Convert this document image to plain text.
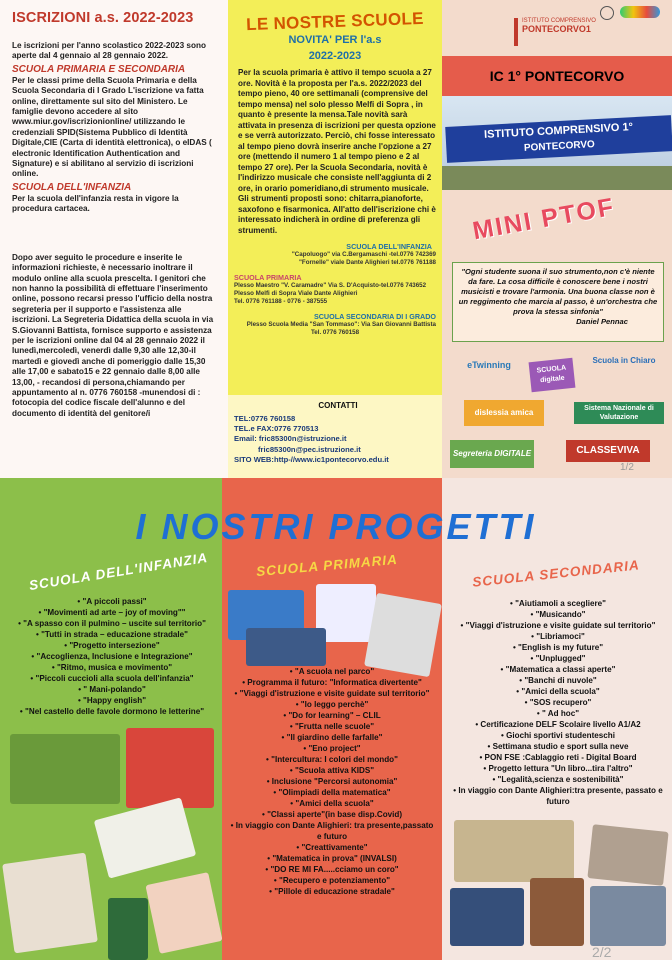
ISCRIZIONI a.s. 2022-2023

Le iscrizioni per l'anno scolastico 2022-2023 sono aperte dal 4 gennaio al 28 gennaio 2022.

SCUOLA PRIMARIA E SECONDARIA

Per le classi prime della Scuola Primaria e della Scuola Secondaria di I Grado L'iscrizione va fatta online, direttamente sul sito del Ministero. Le famiglie devono accedere al sito www.miur.gov/iscrizionionline/ utilizzando le credenziali SPID(Sistema Pubblico di Identità Digitale,CIE (Carta di identità elettronica), o eIDAS ( electronic Identification Authentication and Signature) e si abilitano al servizio di iscrizioni online.

SCUOLA DELL'INFANZIA

Per la scuola dell'infanzia resta in vigore la procedura cartacea.

Dopo aver seguito le procedure e inserite le informazioni richieste, è necessario inoltrare il modulo online alla scuola prescelta. I genitori che non hanno la possibilità di effettuare l'inserimento online, possono recarsi presso l'ufficio della nostra segreteria per il supporto e l'assistenza alle iscrizioni. La Segreteria Didattica della scuola in via S.Giovanni Battista, fornisce supporto e assistenza per le iscrizioni online dal 04 al 28 gennaio 2022 il lunedì,mercoledì, venerdì dalle 9,30 alle 12,30-il martedì e giovedì anche di pomeriggio dalle 15,30 alle 17,00 e sabato15 e 22 gennaio dalle 8,00 alle 13,00, - recandosi di persona,chiamando per appuntamento al n. 0776 760158 -munendosi di : fotocopia del codice fiscale dell'alunno e del documento di identità del genitore/i

LE NOSTRE SCUOLE
NOVITA' PER l'a.s
2022-2023

Per la scuola primaria è attivo il tempo scuola a 27 ore. Novità è la proposta per l'a.s. 2022/2023 del tempo pieno, 40 ore settimanali (comprensive del tempo mensa) nel solo plesso Melfi di Sopra , in quanto è presente la mensa.Tale novità sarà attivata in presenza di iscrizioni per questa opzione e se verrà autorizzato. Perciò, chi fosse interessato al tempo pieno dovrà inserire anche l'opzione a 27 ore (mettendo il numero 1 al tempo pieno e 2 al tempo 27 ore). Per la Scuola Secondaria, novità è l'indirizzo musicale che consiste nell'aggiunta di 2 ore, in orario pomeridiano,di strumento musicale. Gli strumenti proposti sono: chitarra,pianoforte, saxofono e fisarmonica. All'atto dell'iscrizione chi è interessato indicherà in ordine di preferenza gli strumenti.

SCUOLA DELL'INFANZIA
"Capoluogo" via C.Bergamaschi -tel.0776 742369
"Fornelle" viale Dante Alighieri tel.0776 761188
SCUOLA PRIMARIA
Plesso Maestro "V. Caramadre" Via S. D'Acquisto-tel.0776 743652
Plesso Melfi di Sopra Viale Dante Alighieri
Tel. 0776 761188 - 0776 - 387555
SCUOLA SECONDARIA DI I GRADO
Plesso Scuola Media "San Tommaso": Via San Giovanni Battista
Tel. 0776 760158
CONTATTI
TEL:0776 760158
TEL.e FAX:0776 770513
Email: fric85300n@istruzione.it
fric85300n@pec.istruzione.it
SITO WEB:http-//www.ic1pontecorvo.edu.it
ISTITUTO COMPRENSIVO
PONTECORVO1
IC 1° PONTECORVO
ISTITUTO COMPRENSIVO 1°
PONTECORVO
MINI PTOF
"Ogni studente suona il suo strumento,non c'è niente da fare. La cosa difficile è conoscere bene i nostri musicisti e trovare l'armonia. Una buona classe non è un reggimento che marcia al passo, è un'orchestra che prova la stessa sinfonia"
Daniel Pennac
eTwinning	SCUOLA digitale
Scuola in Chiaro
dislessia amica	Sistema Nazionale di Valutazione
Segreteria DIGITALE	CLASSEVIVA
1/2
SCUOLA DELL'INFANZIA
• "A piccoli passi"
• "Movimenti ad arte – joy of moving""
• "A spasso con il pulmino – uscite sul territorio"
• "Tutti in strada – educazione stradale"
• "Progetto intersezione"
• "Accoglienza, Inclusione e Integrazione"
• "Ritmo, musica e movimento"
• "Piccoli cuccioli alla scuola dell'infanzia"
• " Mani-polando"
• "Happy english"
• "Nel castello delle favole dormono le letterine"
SCUOLA PRIMARIA
• "A scuola nel parco"
• Programma il futuro: "Informatica divertente"
• "Viaggi d'istruzione e visite guidate sul territorio"
• "Io leggo perchè"
• "Do for learning" – CLIL
• "Frutta nelle scuole"
• "Il giardino delle farfalle"
• "Eno project"
• "Intercultura: I colori del mondo"
• "Scuola attiva KIDS"
• Inclusione "Percorsi autonomia"
• "Olimpiadi della matematica"
• "Amici della scuola"
• "Classi aperte"(in base disp.Covid)
• In viaggio con Dante Alighieri: tra presente,passato e futuro
• "Creattivamente"
• "Matematica in prova" (INVALSI)
• "DO RE MI FA.....cciamo un coro"
• "Recupero e potenziamento"
• "Pillole di educazione stradale"
SCUOLA SECONDARIA
• "Aiutiamoli a scegliere"
• "Musicando"
• "Viaggi d'istruzione e visite guidate sul territorio"
• "Libriamoci"
• "English is my future"
• "Unplugged"
• "Matematica a classi aperte"
• "Banchi di nuvole"
• "Amici della scuola"
• "SOS recupero"
• " Ad hoc"
• Certificazione DELF Scolaire livello A1/A2
• Giochi sportivi studenteschi
• Settimana studio e sport sulla neve
• PON FSE :Cablaggio reti - Digital Board
• Progetto lettura "Un libro...tira l'altro"
• "Legalità,scienza e sostenibilità"
• In viaggio con Dante Alighieri:tra presente, passato e futuro
2/2
I NOSTRI PROGETTI
